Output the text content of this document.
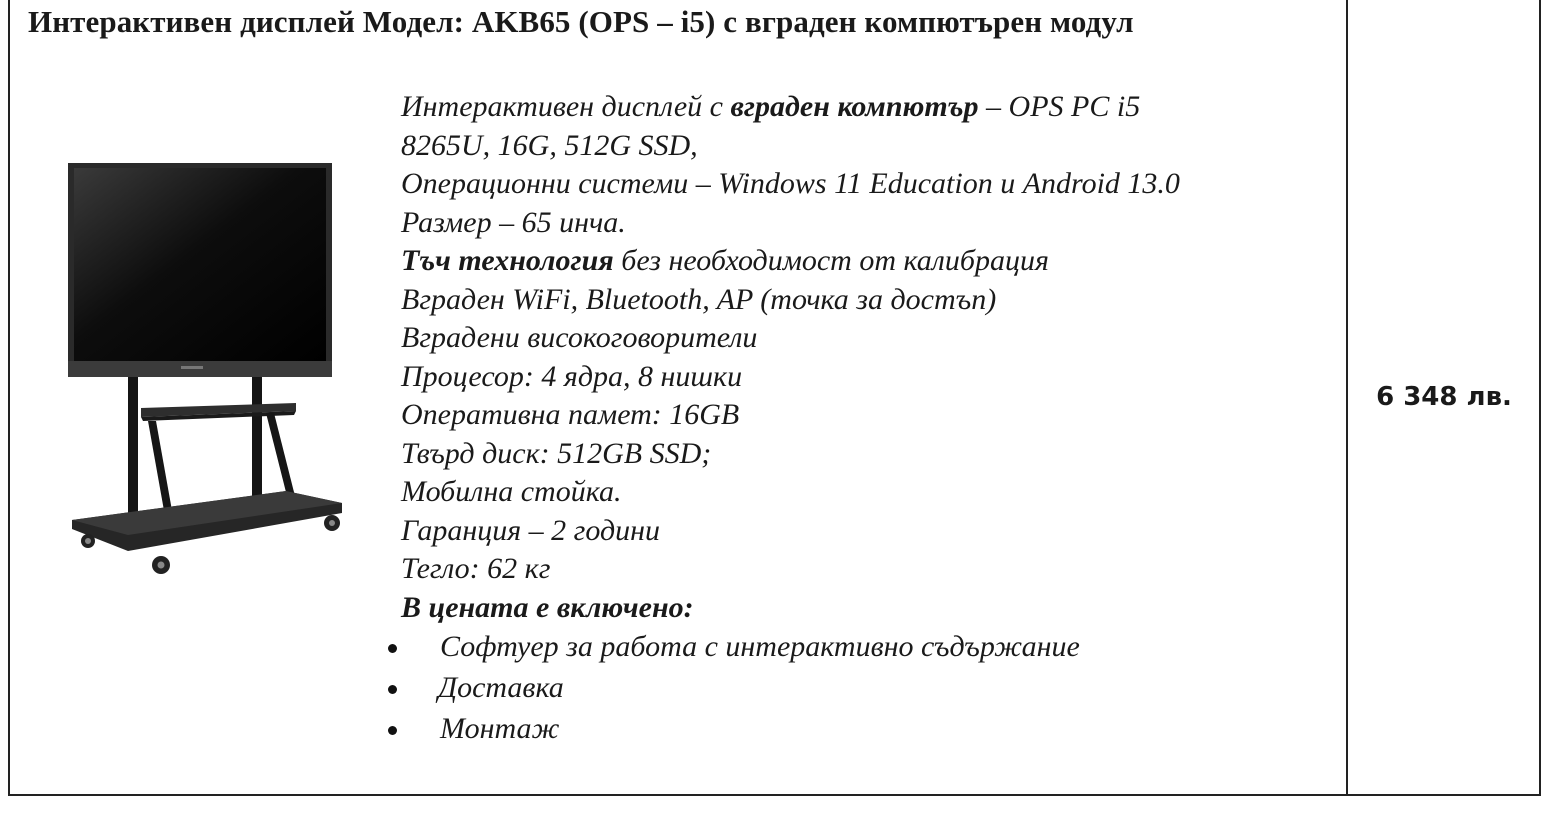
Интерактивен дисплей Модел: AKB65 (OPS – i5) с вграден компютърен модул
Интерактивен дисплей с вграден компютър – OPS PC i5
8265U, 16G, 512G SSD,
Операционни системи – Windows 11 Education и Android 13.0
Размер – 65 инча.
Тъч технология без необходимост от калибрация
Вграден WiFi, Bluetooth, AP (точка за достъп)
Вградени високоговорители
Процесор: 4 ядра, 8 нишки
Оперативна памет: 16GB
Твърд диск: 512GB SSD;
Мобилна стойка.
Гаранция – 2 години
Тегло: 62 кг
В цената е включено:
Софтуер за работа с интерактивно съдържание
Доставка
Монтаж
6 348 лв.
